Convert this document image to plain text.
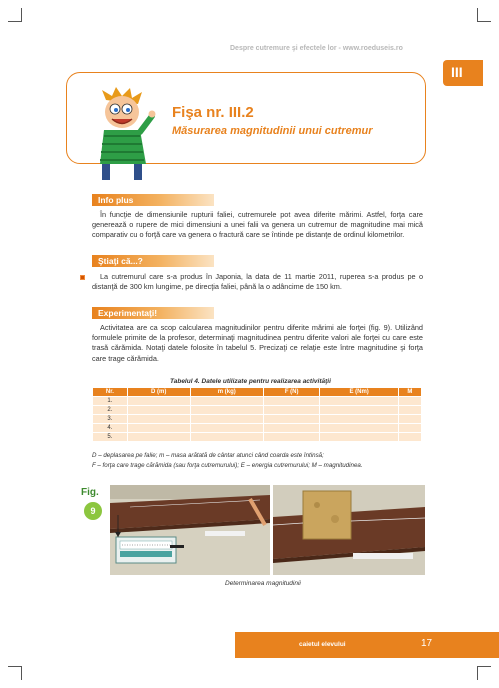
Despre cutremure şi efectele lor - www.roeduseis.ro
III
Fişa nr. III.2
Măsurarea magnitudinii unui cutremur
Info plus
În funcţie de dimensiunile rupturii faliei, cutremurele pot avea diferite mărimi. Astfel, forţa care generează o rupere de mici dimensiuni a unei falii va genera un cutremur de magnitudine mai mică comparativ cu o forţă care va genera o fractură care se întinde pe distanţe de ordinul kilometrilor.
Ştiaţi că...?
La cutremurul care s-a produs în Japonia, la data de 11 martie 2011, ruperea s-a produs pe o distanţă de 300 km lungime, pe direcţia faliei, până la o adâncime de 150 km.
Experimentaţi!
Activitatea are ca scop calcularea magnitudinilor pentru diferite mărimi ale forţei (fig. 9). Utilizând formulele primite de la profesor, determinaţi magnitudinea pentru diferite valori ale forţei cu care este trasă cărămida. Notaţi datele folosite în tabelul 5. Precizaţi ce relaţie este între magnitudine şi forţa care trage cărămida.
Tabelul 4. Datele utilizate pentru realizarea activităţii
Nr.	D (m)	m (kg)	F (N)	E (Nm)	M
1.					
2.					
3.					
4.					
5.					
D – deplasarea pe falie; m – masa arătată de cântar atunci când coarda este întinsă;
F – forţa care trage cărămida (sau forţa cutremurului); E – energia cutremurului; M – magnitudinea.
Fig.
9
Determinarea magnitudinii
caietul elevului	17
